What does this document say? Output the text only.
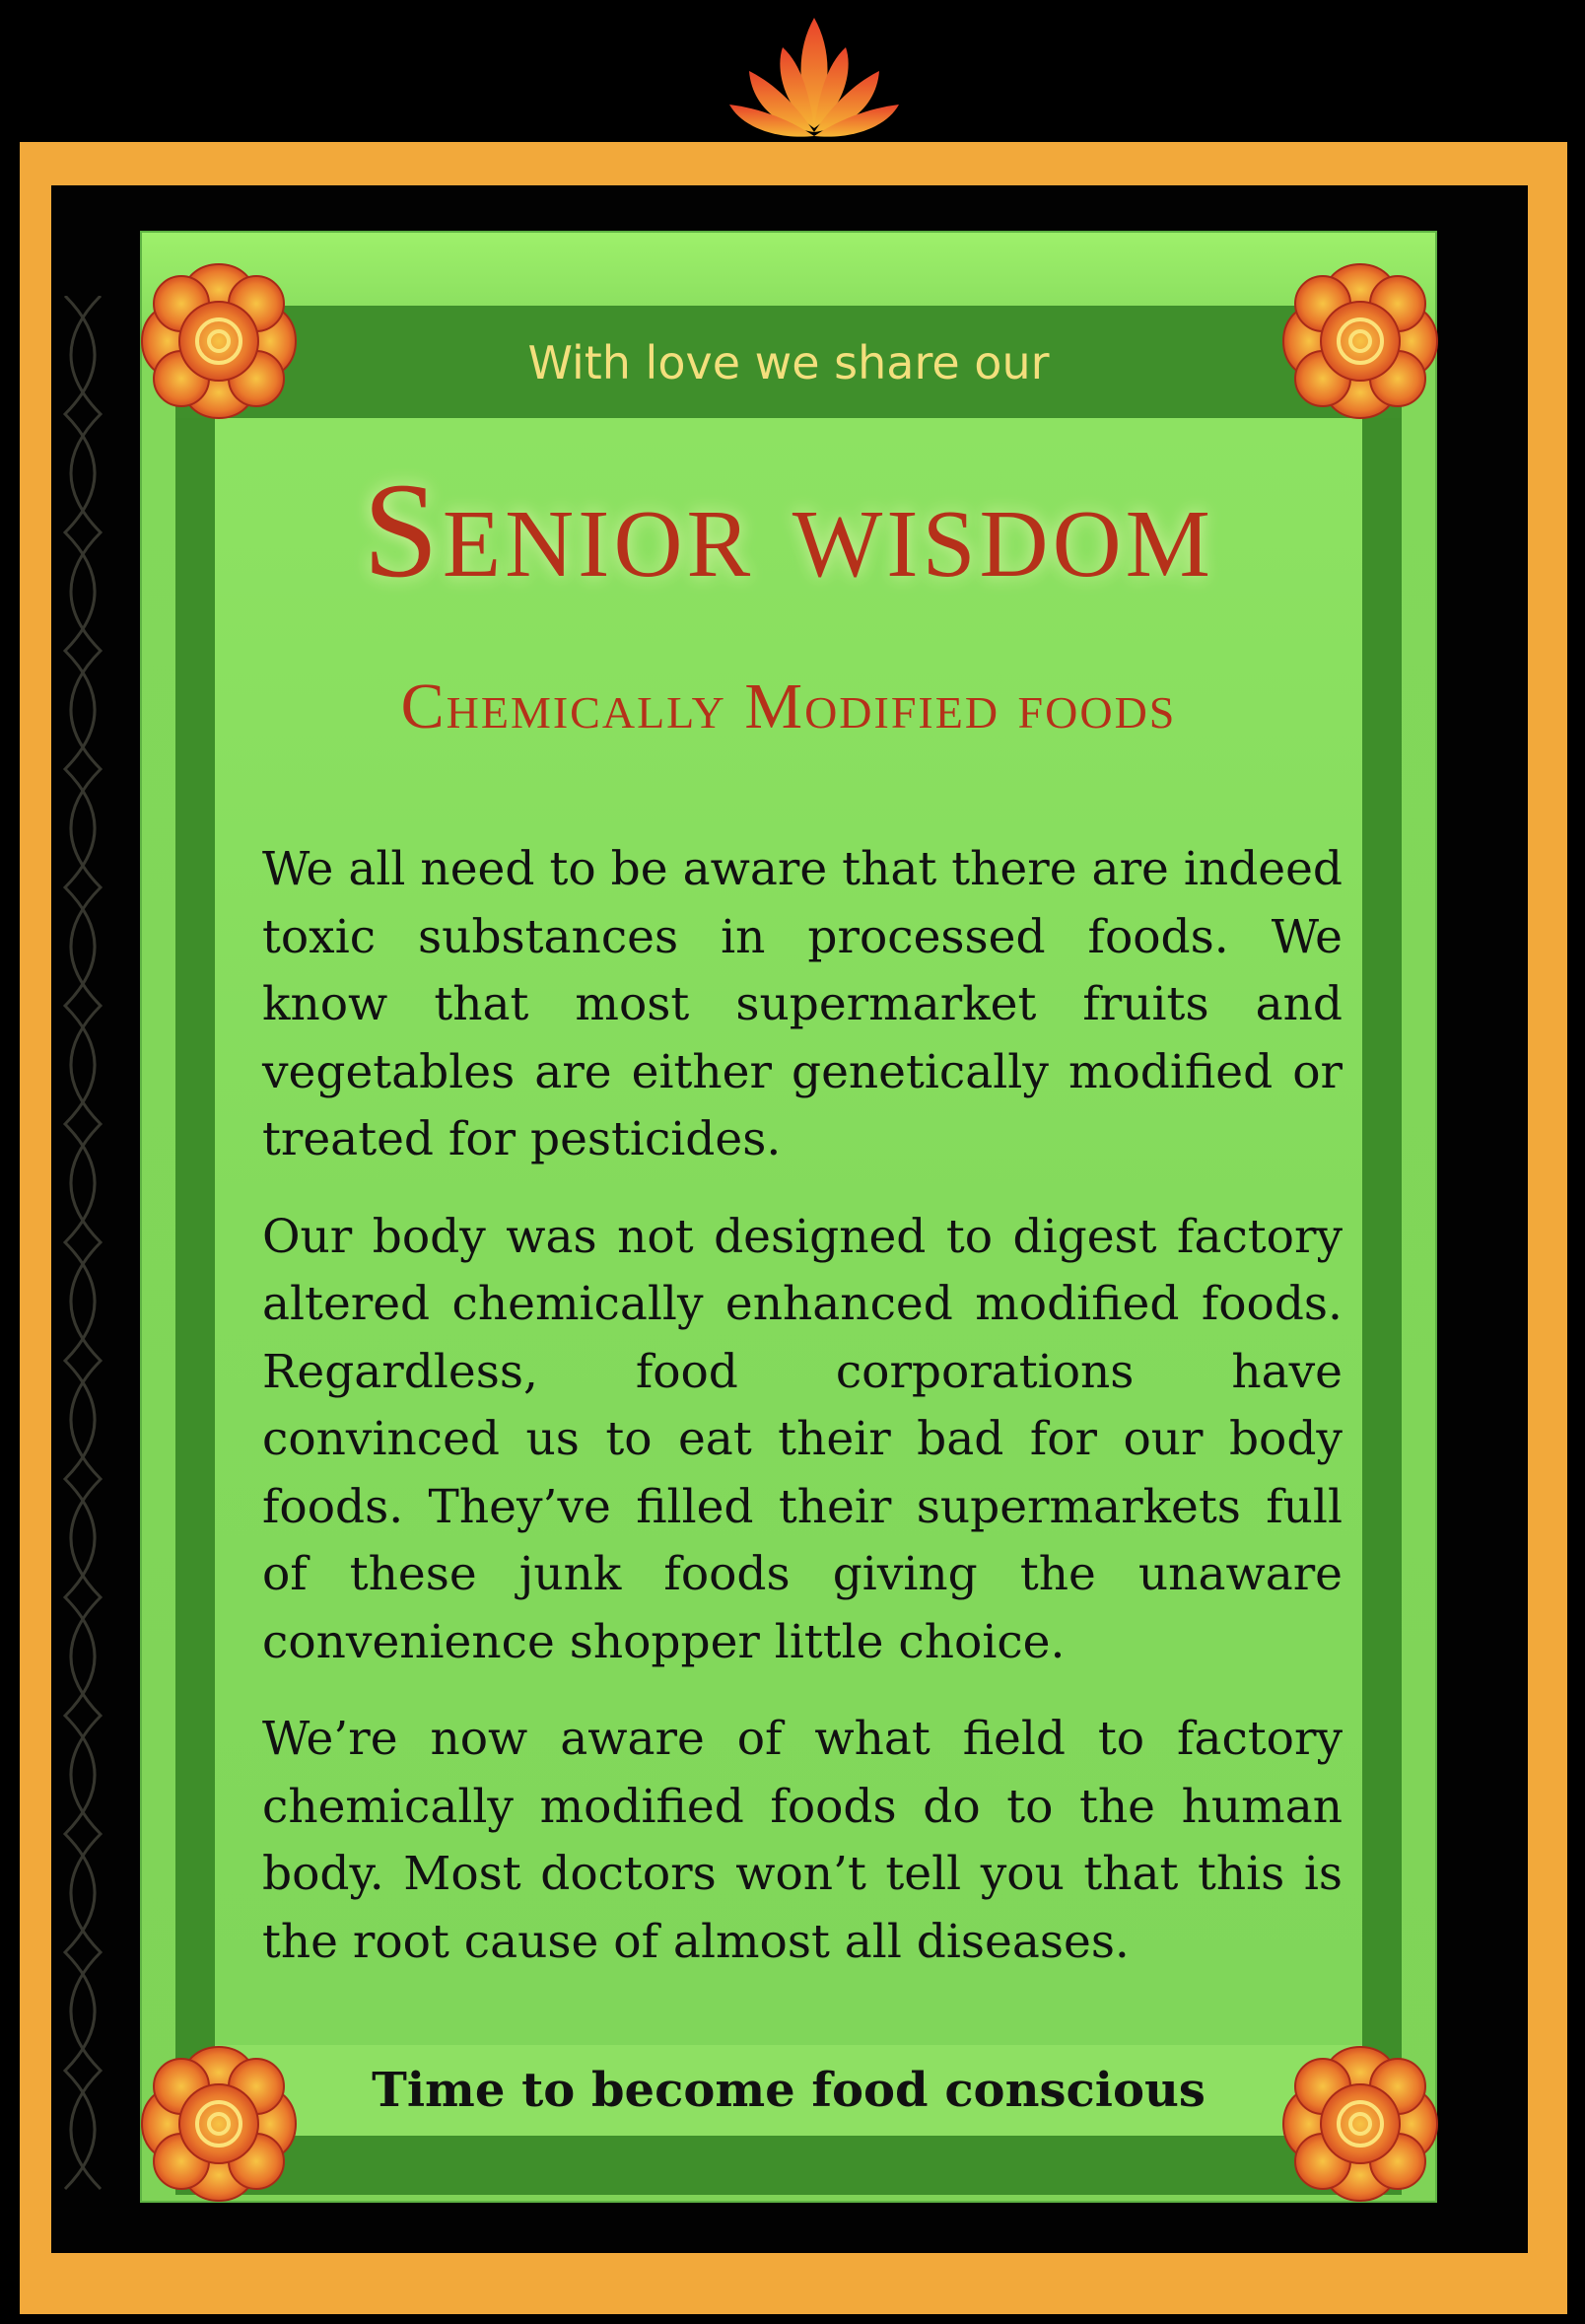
With love we share our
Senior wisdom
Chemically Modified foods

We all need to be aware that there are indeed toxic substances in processed foods. We know that most supermarket fruits and vegetables are either genetically modified or treated for pesticides.

Our body was not designed to digest factory altered chemically enhanced modified foods. Regardless, food corporations have convinced us to eat their bad for our body foods. They’ve filled their supermarkets full of these junk foods giving the unaware convenience shopper little choice.

We’re now aware of what field to factory chemically modified foods do to the human body. Most doctors won’t tell you that this is the root cause of almost all diseases.

Time to become food conscious
